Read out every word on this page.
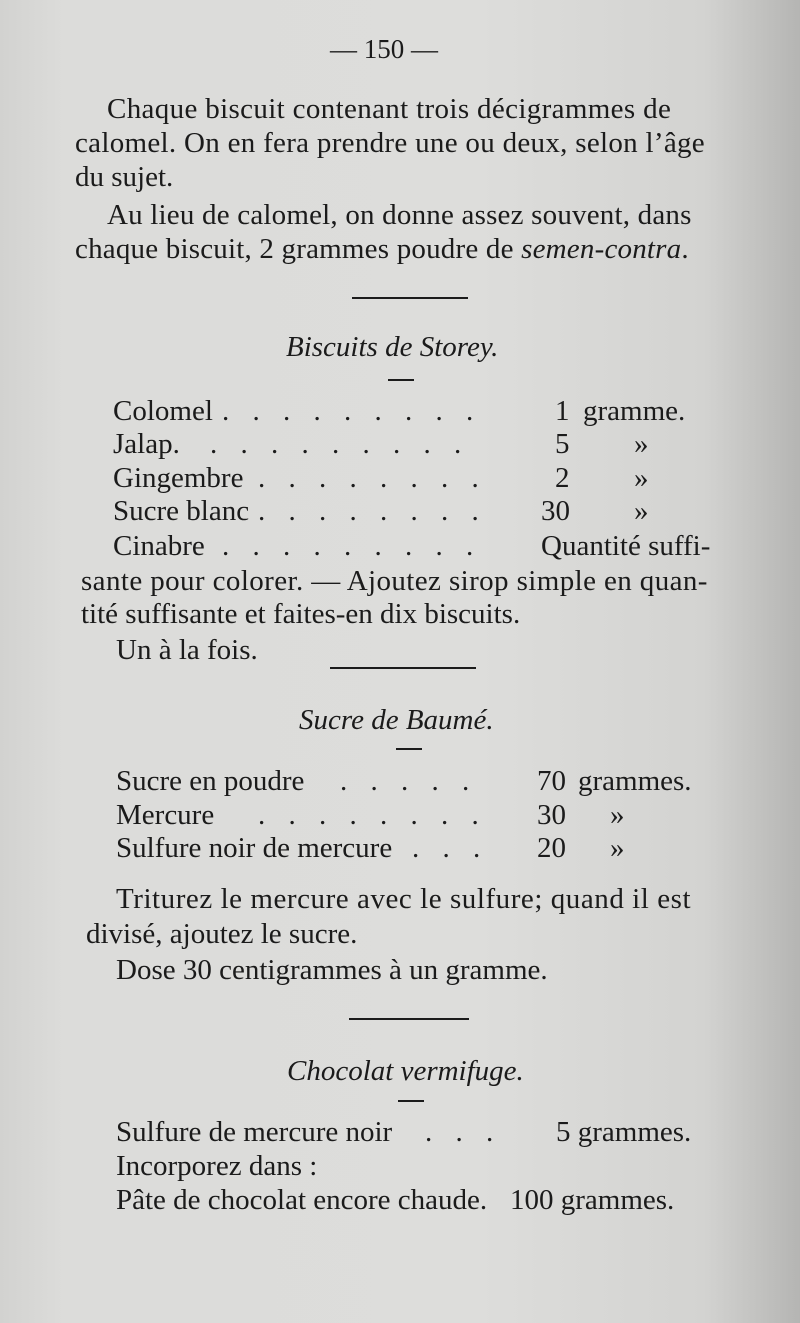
— 150 —
Chaque biscuit contenant trois décigrammes de
calomel. On en fera prendre une ou deux, selon l’âge
du sujet.
Au lieu de calomel, on donne assez souvent, dans
chaque biscuit, 2 grammes poudre de semen-contra.
Biscuits de Storey.
Colomel . . . . . . . . .	1 gramme.
Jalap. . . . . . . . . .	5 »
Gingembre . . . . . . . . 2 »
Sucre blanc . . . . . . . . 30 »
Cinabre . . . . . . . . . Quantité suffi-
sante pour colorer. — Ajoutez sirop simple en quan-
tité suffisante et faites-en dix biscuits.
Un à la fois.
Sucre de Baumé.
Sucre en poudre . . . . . 70 grammes.
Mercure . . . . . . . . 30 »
Sulfure noir de mercure . . . 20 »
Triturez le mercure avec le sulfure; quand il est
divisé, ajoutez le sucre.
Dose 30 centigrammes à un gramme.
Chocolat vermifuge.
Sulfure de mercure noir . . . 5 grammes.
Incorporez dans :
Pâte de chocolat encore chaude. 100 grammes.
